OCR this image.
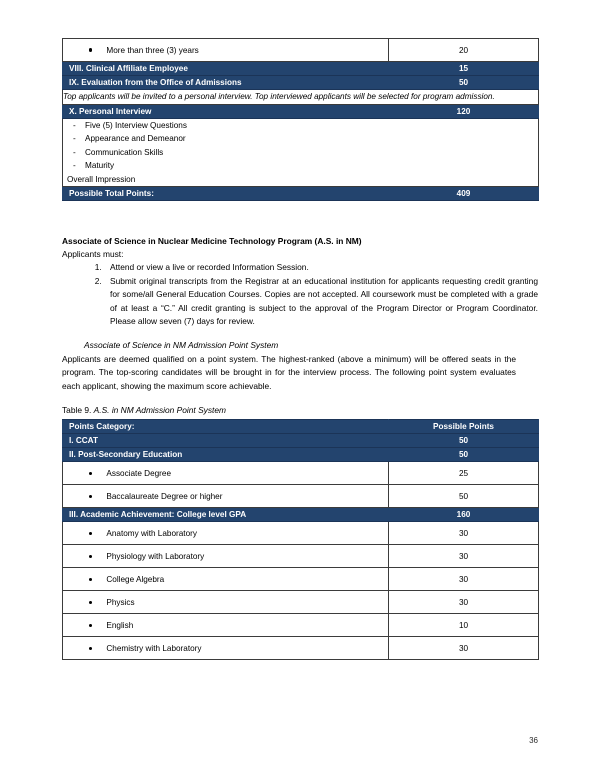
More than three (3) years	20
VIII. Clinical Affiliate Employee	15
IX. Evaluation from the Office of Admissions	50
Top applicants will be invited to a personal interview. Top interviewed applicants will be selected for program admission.	
X. Personal Interview	120

-	Five (5) Interview Questions
-	Appearance and Demeanor
-	Communication Skills
-	Maturity
Overall Impression

Possible Total Points:	409
Associate of Science in Nuclear Medicine Technology Program (A.S. in NM)

Applicants must:

1. Attend or view a live or recorded Information Session.
2. Submit original transcripts from the Registrar at an educational institution for applicants requesting credit granting for some/all General Education Courses. Copies are not accepted. All coursework must be completed with a grade of at least a “C.” All credit granting is subject to the approval of the Program Director or Program Coordinator. Please allow seven (7) days for review.
Associate of Science in NM Admission Point System

Applicants are deemed qualified on a point system. The highest-ranked (above a minimum) will be offered seats in the program. The top-scoring candidates will be brought in for the interview process. The following point system evaluates each applicant, showing the maximum score achievable.

Table 9. A.S. in NM Admission Point System

Points Category:	Possible Points
I. CCAT	50
II. Post-Secondary Education	50

Associate Degree	25

Baccalaureate Degree or higher	50
III. Academic Achievement: College level GPA	160

Anatomy with Laboratory	30

Physiology with Laboratory	30

College Algebra	30

Physics	30

English	10

Chemistry with Laboratory	30
36
